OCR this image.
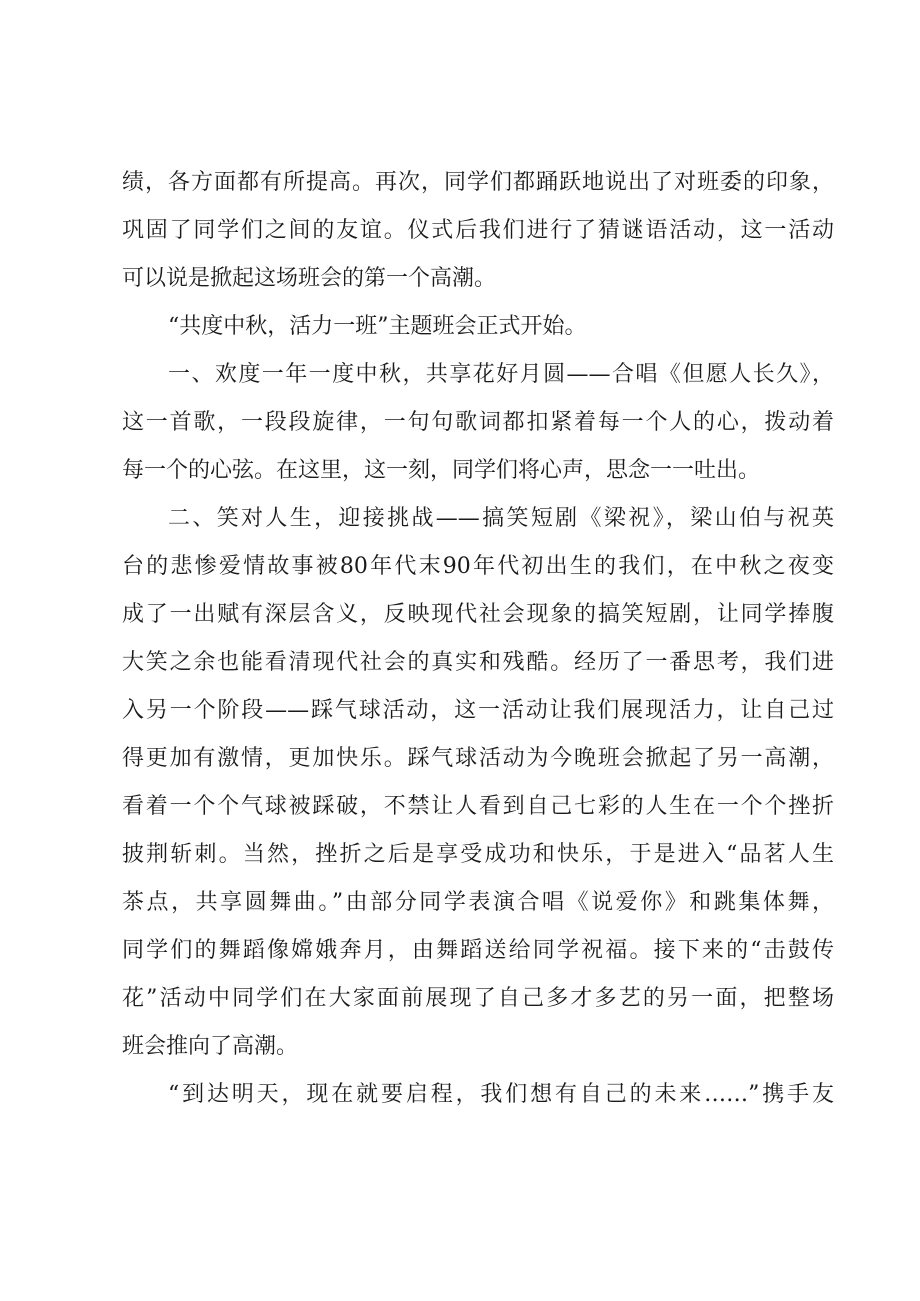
绩，各方面都有所提高。再次，同学们都踊跃地说出了对班委的印象，
巩固了同学们之间的友谊。仪式后我们进行了猜谜语活动，这一活动
可以说是掀起这场班会的第一个高潮。
“共度中秋，活力一班”主题班会正式开始。
一、欢度一年一度中秋，共享花好月圆——合唱《但愿人长久》，
这一首歌，一段段旋律，一句句歌词都扣紧着每一个人的心，拨动着
每一个的心弦。在这里，这一刻，同学们将心声，思念一一吐出。
二、笑对人生，迎接挑战——搞笑短剧《梁祝》，梁山伯与祝英
台的悲惨爱情故事被80年代末90年代初出生的我们，在中秋之夜变
成了一出赋有深层含义，反映现代社会现象的搞笑短剧，让同学捧腹
大笑之余也能看清现代社会的真实和残酷。经历了一番思考，我们进
入另一个阶段——踩气球活动，这一活动让我们展现活力，让自己过
得更加有激情，更加快乐。踩气球活动为今晚班会掀起了另一高潮，
看着一个个气球被踩破，不禁让人看到自己七彩的人生在一个个挫折
披荆斩刺。当然，挫折之后是享受成功和快乐，于是进入“品茗人生
茶点，共享圆舞曲。”由部分同学表演合唱《说爱你》和跳集体舞，
同学们的舞蹈像嫦娥奔月，由舞蹈送给同学祝福。接下来的“击鼓传
花”活动中同学们在大家面前展现了自己多才多艺的另一面，把整场
班会推向了高潮。
“到达明天，现在就要启程，我们想有自己的未来……”携手友
